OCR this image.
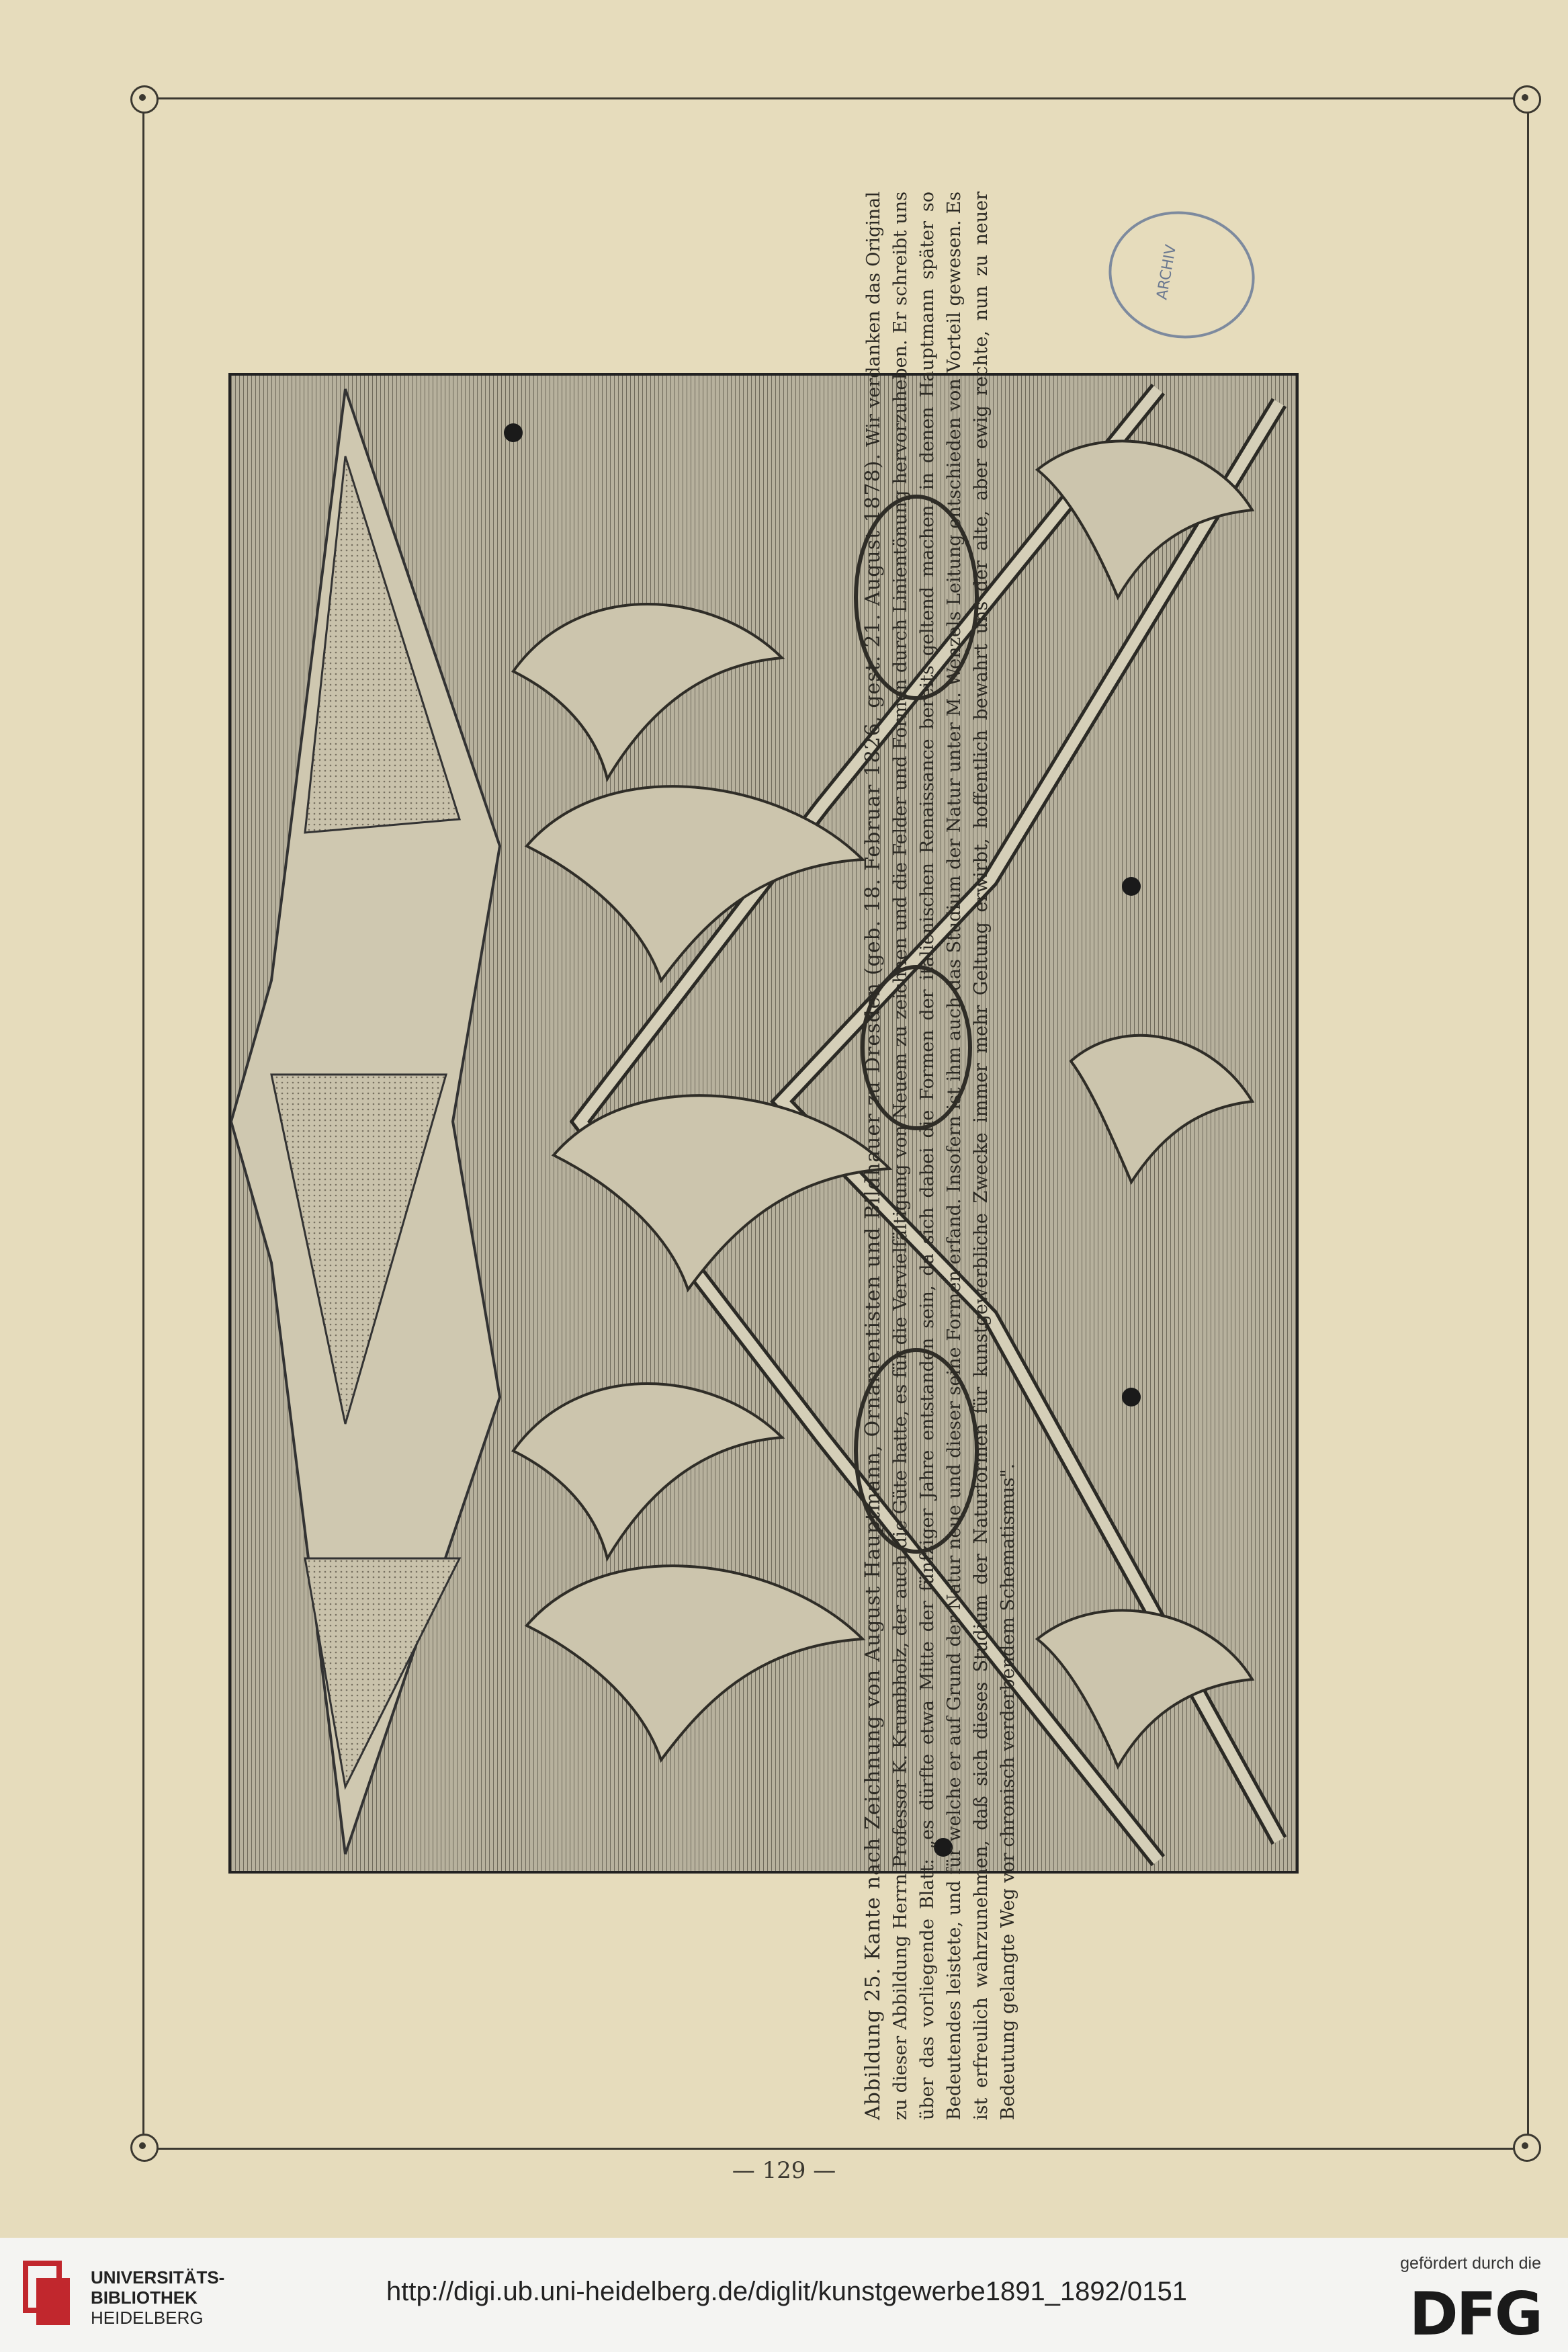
ARCHIV

Abbildung 25. Kante nach Zeichnung von August Hauptmann, Ornamentisten und Bildhauer zu Dresden (geb. 18. Februar 1826, gest. 21. August 1878). Wir verdanken das Original zu dieser Abbildung Herrn Professor K. Krumbholz, der auch die Güte hatte, es für die Vervielfältigung von Neuem zu zeichnen und die Felder und Formen durch Linientönung hervorzuheben. Er schreibt uns über das vorliegende Blatt: „es dürfte etwa Mitte der fünfziger Jahre entstanden sein, da sich dabei die Formen der italienischen Renaissance bereits geltend machen, in denen Hauptmann später so Bedeutendes leistete, und für welche er auf Grund der Natur neue und dieser seine Formen erfand. Insofern ist ihm auch das Studium der Natur unter M. Wenzels Leitung entschieden von Vorteil gewesen. Es ist erfreulich wahrzunehmen, daß sich dieses Studium der Naturformen für kunstgewerbliche Zwecke immer mehr Geltung erwirbt, hoffentlich bewahrt uns der alte, aber ewig rechte, nun zu neuer Bedeutung gelangte Weg vor chronisch verderbendem Schematismus".

— 129 —
UNIVERSITÄTS-
BIBLIOTHEK
HEIDELBERG
http://digi.ub.uni-heidelberg.de/diglit/kunstgewerbe1891_1892/0151
gefördert durch die
DFG
